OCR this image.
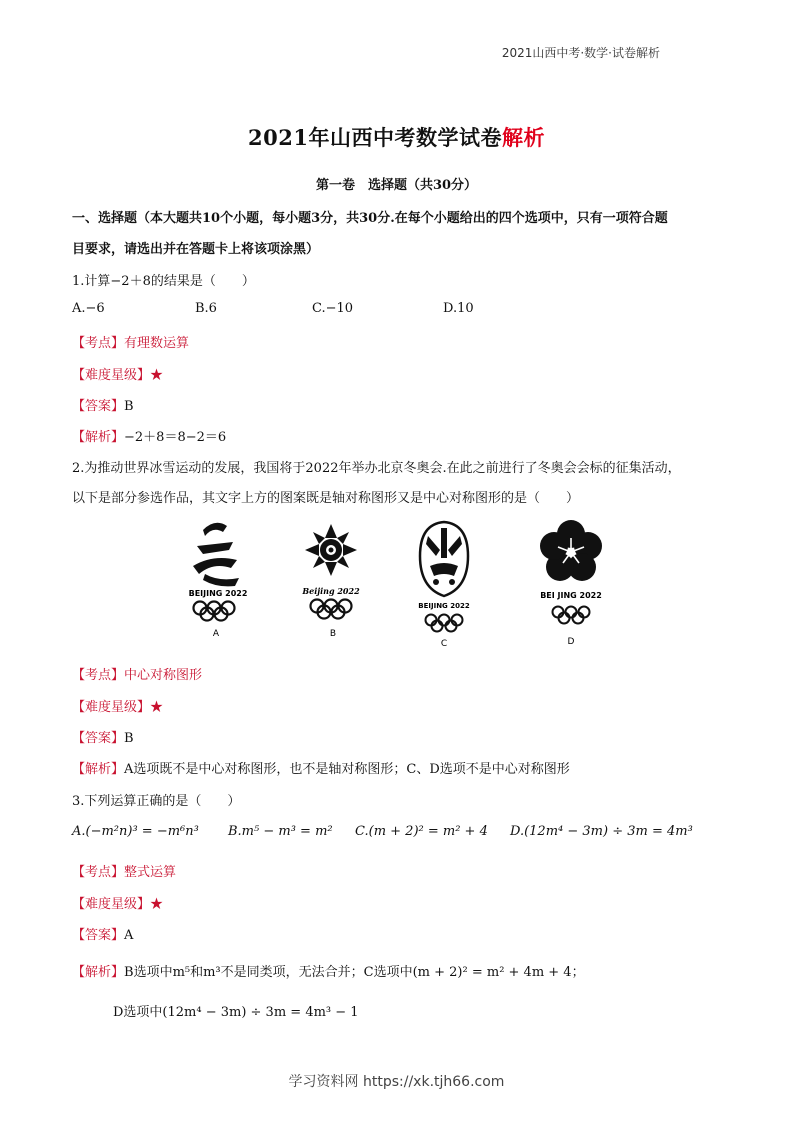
2021山西中考·数学·试卷解析
2021年山西中考数学试卷解析
第一卷　选择题（共30分）
一、选择题（本大题共10个小题，每小题3分，共30分.在每个小题给出的四个选项中，只有一项符合题
目要求，请选出并在答题卡上将该项涂黑）
1.计算−2＋8的结果是（　　）
A.−6	B.6	C.−10	D.10
【考点】有理数运算
【难度星级】★
【答案】B
【解析】−2＋8＝8−2＝6
2.为推动世界冰雪运动的发展，我国将于2022年举办北京冬奥会.在此之前进行了冬奥会会标的征集活动，
以下是部分参选作品，其文字上方的图案既是轴对称图形又是中心对称图形的是（　　）
BEIJING 2022
A
Beijing 2022
B
BEIJING 2022
C
BEI JING 2022
D
【考点】中心对称图形
【难度星级】★
【答案】B
【解析】A选项既不是中心对称图形，也不是轴对称图形；C、D选项不是中心对称图形
3.下列运算正确的是（　　）
A.(−m²n)³ = −m⁶n³ B.m⁵ − m³ = m² C.(m + 2)² = m² + 4 D.(12m⁴ − 3m) ÷ 3m = 4m³
【考点】整式运算
【难度星级】★
【答案】A
【解析】B选项中m⁵和m³不是同类项，无法合并；C选项中(m + 2)² = m² + 4m + 4；
D选项中(12m⁴ − 3m) ÷ 3m = 4m³ − 1
学习资料网 https://xk.tjh66.com
